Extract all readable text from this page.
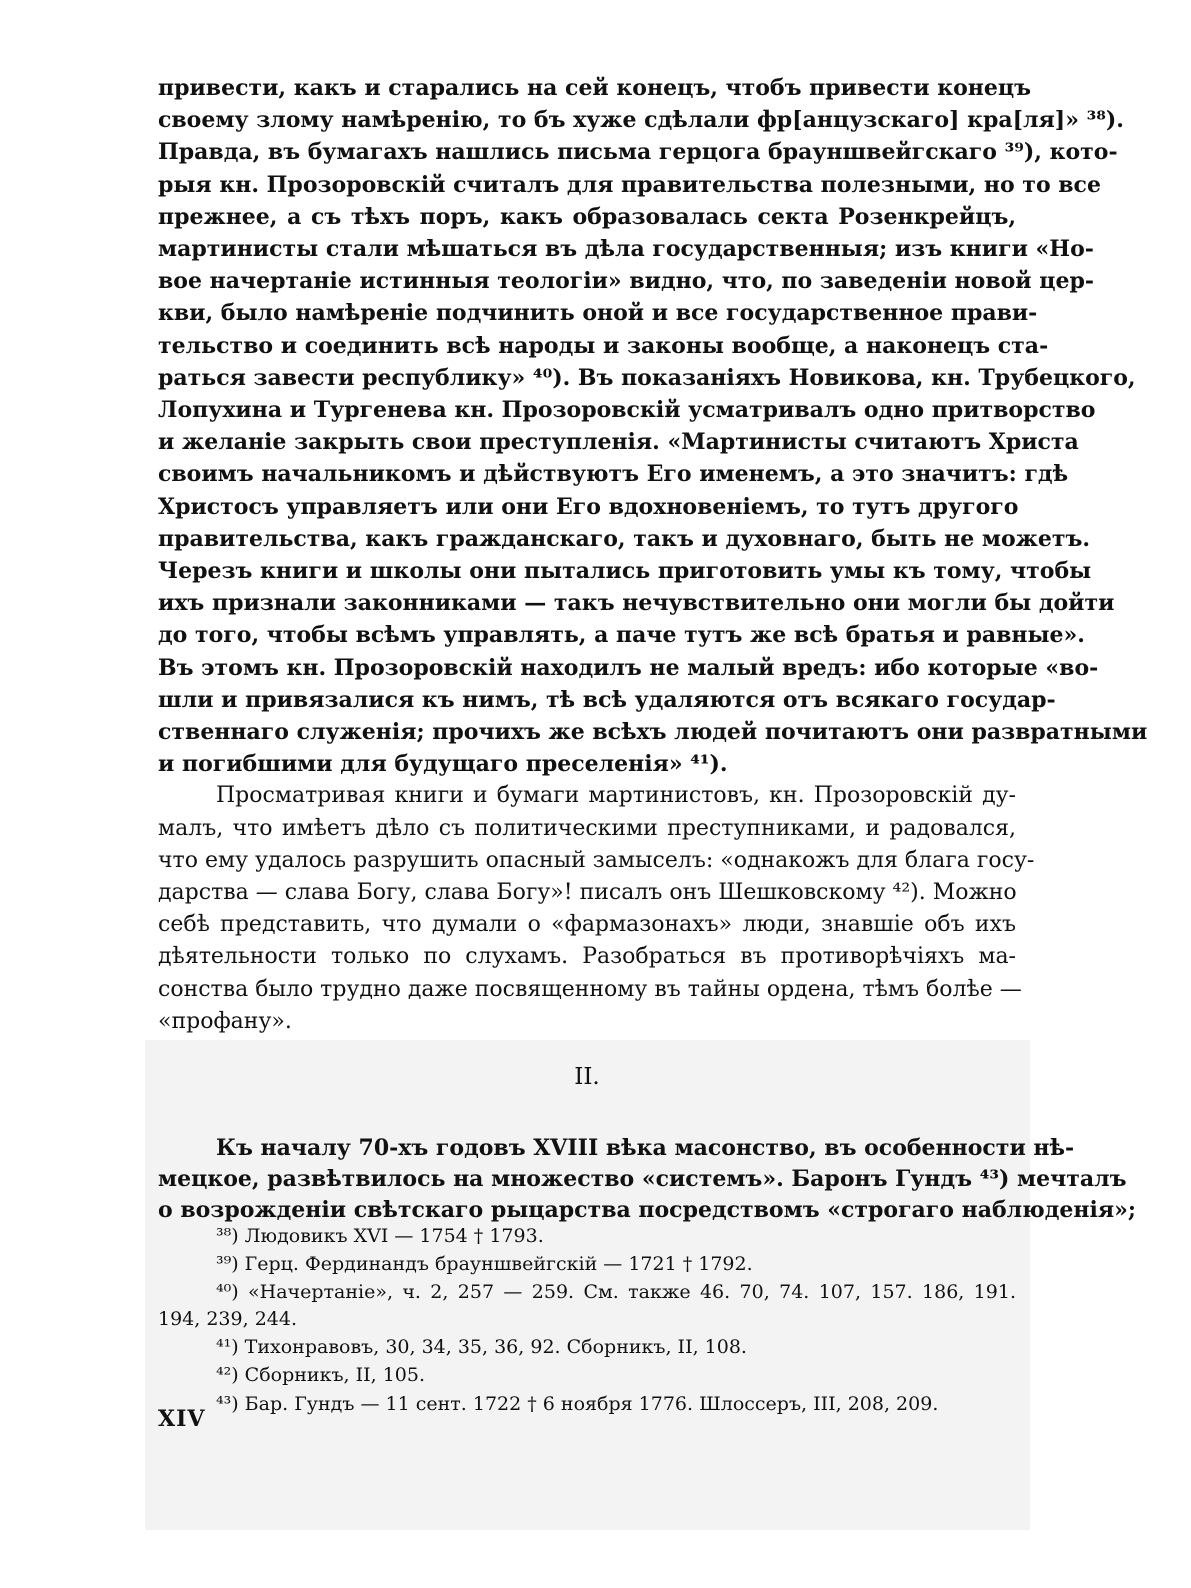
привести, какъ и старались на сей конецъ, чтобъ привести конецъ
своему злому намѣренію, то бъ хуже сдѣлали фр[анцузскаго] кра[ля]» ³⁸).
Правда, въ бумагахъ нашлись письма герцога брауншвейгскаго ³⁹), кото-
рыя кн. Прозоровскій считалъ для правительства полезными, но то все
прежнее, а съ тѣхъ поръ, какъ образовалась секта Розенкрейцъ,
мартинисты стали мѣшаться въ дѣла государственныя; изъ книги «Но-
вое начертаніе истинныя теологіи» видно, что, по заведеніи новой цер-
кви, было намѣреніе подчинить оной и все государственное прави-
тельство и соединить всѣ народы и законы вообще, а наконецъ ста-
раться завести республику» ⁴⁰). Въ показаніяхъ Новикова, кн. Трубецкого,
Лопухина и Тургенева кн. Прозоровскій усматривалъ одно притворство
и желаніе закрыть свои преступленія. «Мартинисты считаютъ Христа
своимъ начальникомъ и дѣйствуютъ Его именемъ, а это значитъ: гдѣ
Христосъ управляетъ или они Его вдохновеніемъ, то тутъ другого
правительства, какъ гражданскаго, такъ и духовнаго, быть не можетъ.
Черезъ книги и школы они пытались приготовить умы къ тому, чтобы
ихъ признали законниками — такъ нечувствительно они могли бы дойти
до того, чтобы всѣмъ управлять, а паче тутъ же всѣ братья и равные».
Въ этомъ кн. Прозоровскій находилъ не малый вредъ: ибо которые «во-
шли и привязалися къ нимъ, тѣ всѣ удаляются отъ всякаго государ-
ственнаго служенія; прочихъ же всѣхъ людей почитаютъ они развратными
и погибшими для будущаго преселенія» ⁴¹).
Просматривая книги и бумаги мартинистовъ, кн. Прозоровскій ду-
малъ, что имѣетъ дѣло съ политическими преступниками, и радовался,
что ему удалось разрушить опасный замыселъ: «однакожъ для блага госу-
дарства — слава Богу, слава Богу»! писалъ онъ Шешковскому ⁴²). Можно
себѣ представить, что думали о «фармазонахъ» люди, знавшіе объ ихъ
дѣятельности только по слухамъ. Разобраться въ противорѣчіяхъ ма-
сонства было трудно даже посвященному въ тайны ордена, тѣмъ болѣе —
«профану».
II.
Къ началу 70-хъ годовъ XVIII вѣка масонство, въ особенности нѣ-
мецкое, развѣтвилось на множество «системъ». Баронъ Гундъ ⁴³) мечталъ
о возрожденіи свѣтскаго рыцарства посредствомъ «строгаго наблюденія»;
³⁸) Людовикъ XVI — 1754 † 1793.
³⁹) Герц. Фердинандъ брауншвейгскій — 1721 † 1792.
⁴⁰) «Начертаніе», ч. 2, 257 — 259. См. также 46. 70, 74. 107, 157. 186, 191.
194, 239, 244.
⁴¹) Тихонравовъ, 30, 34, 35, 36, 92. Сборникъ, II, 108.
⁴²) Сборникъ, II, 105.
⁴³) Бар. Гундъ — 11 сент. 1722 † 6 ноября 1776. Шлоссеръ, III, 208, 209.
XIV
